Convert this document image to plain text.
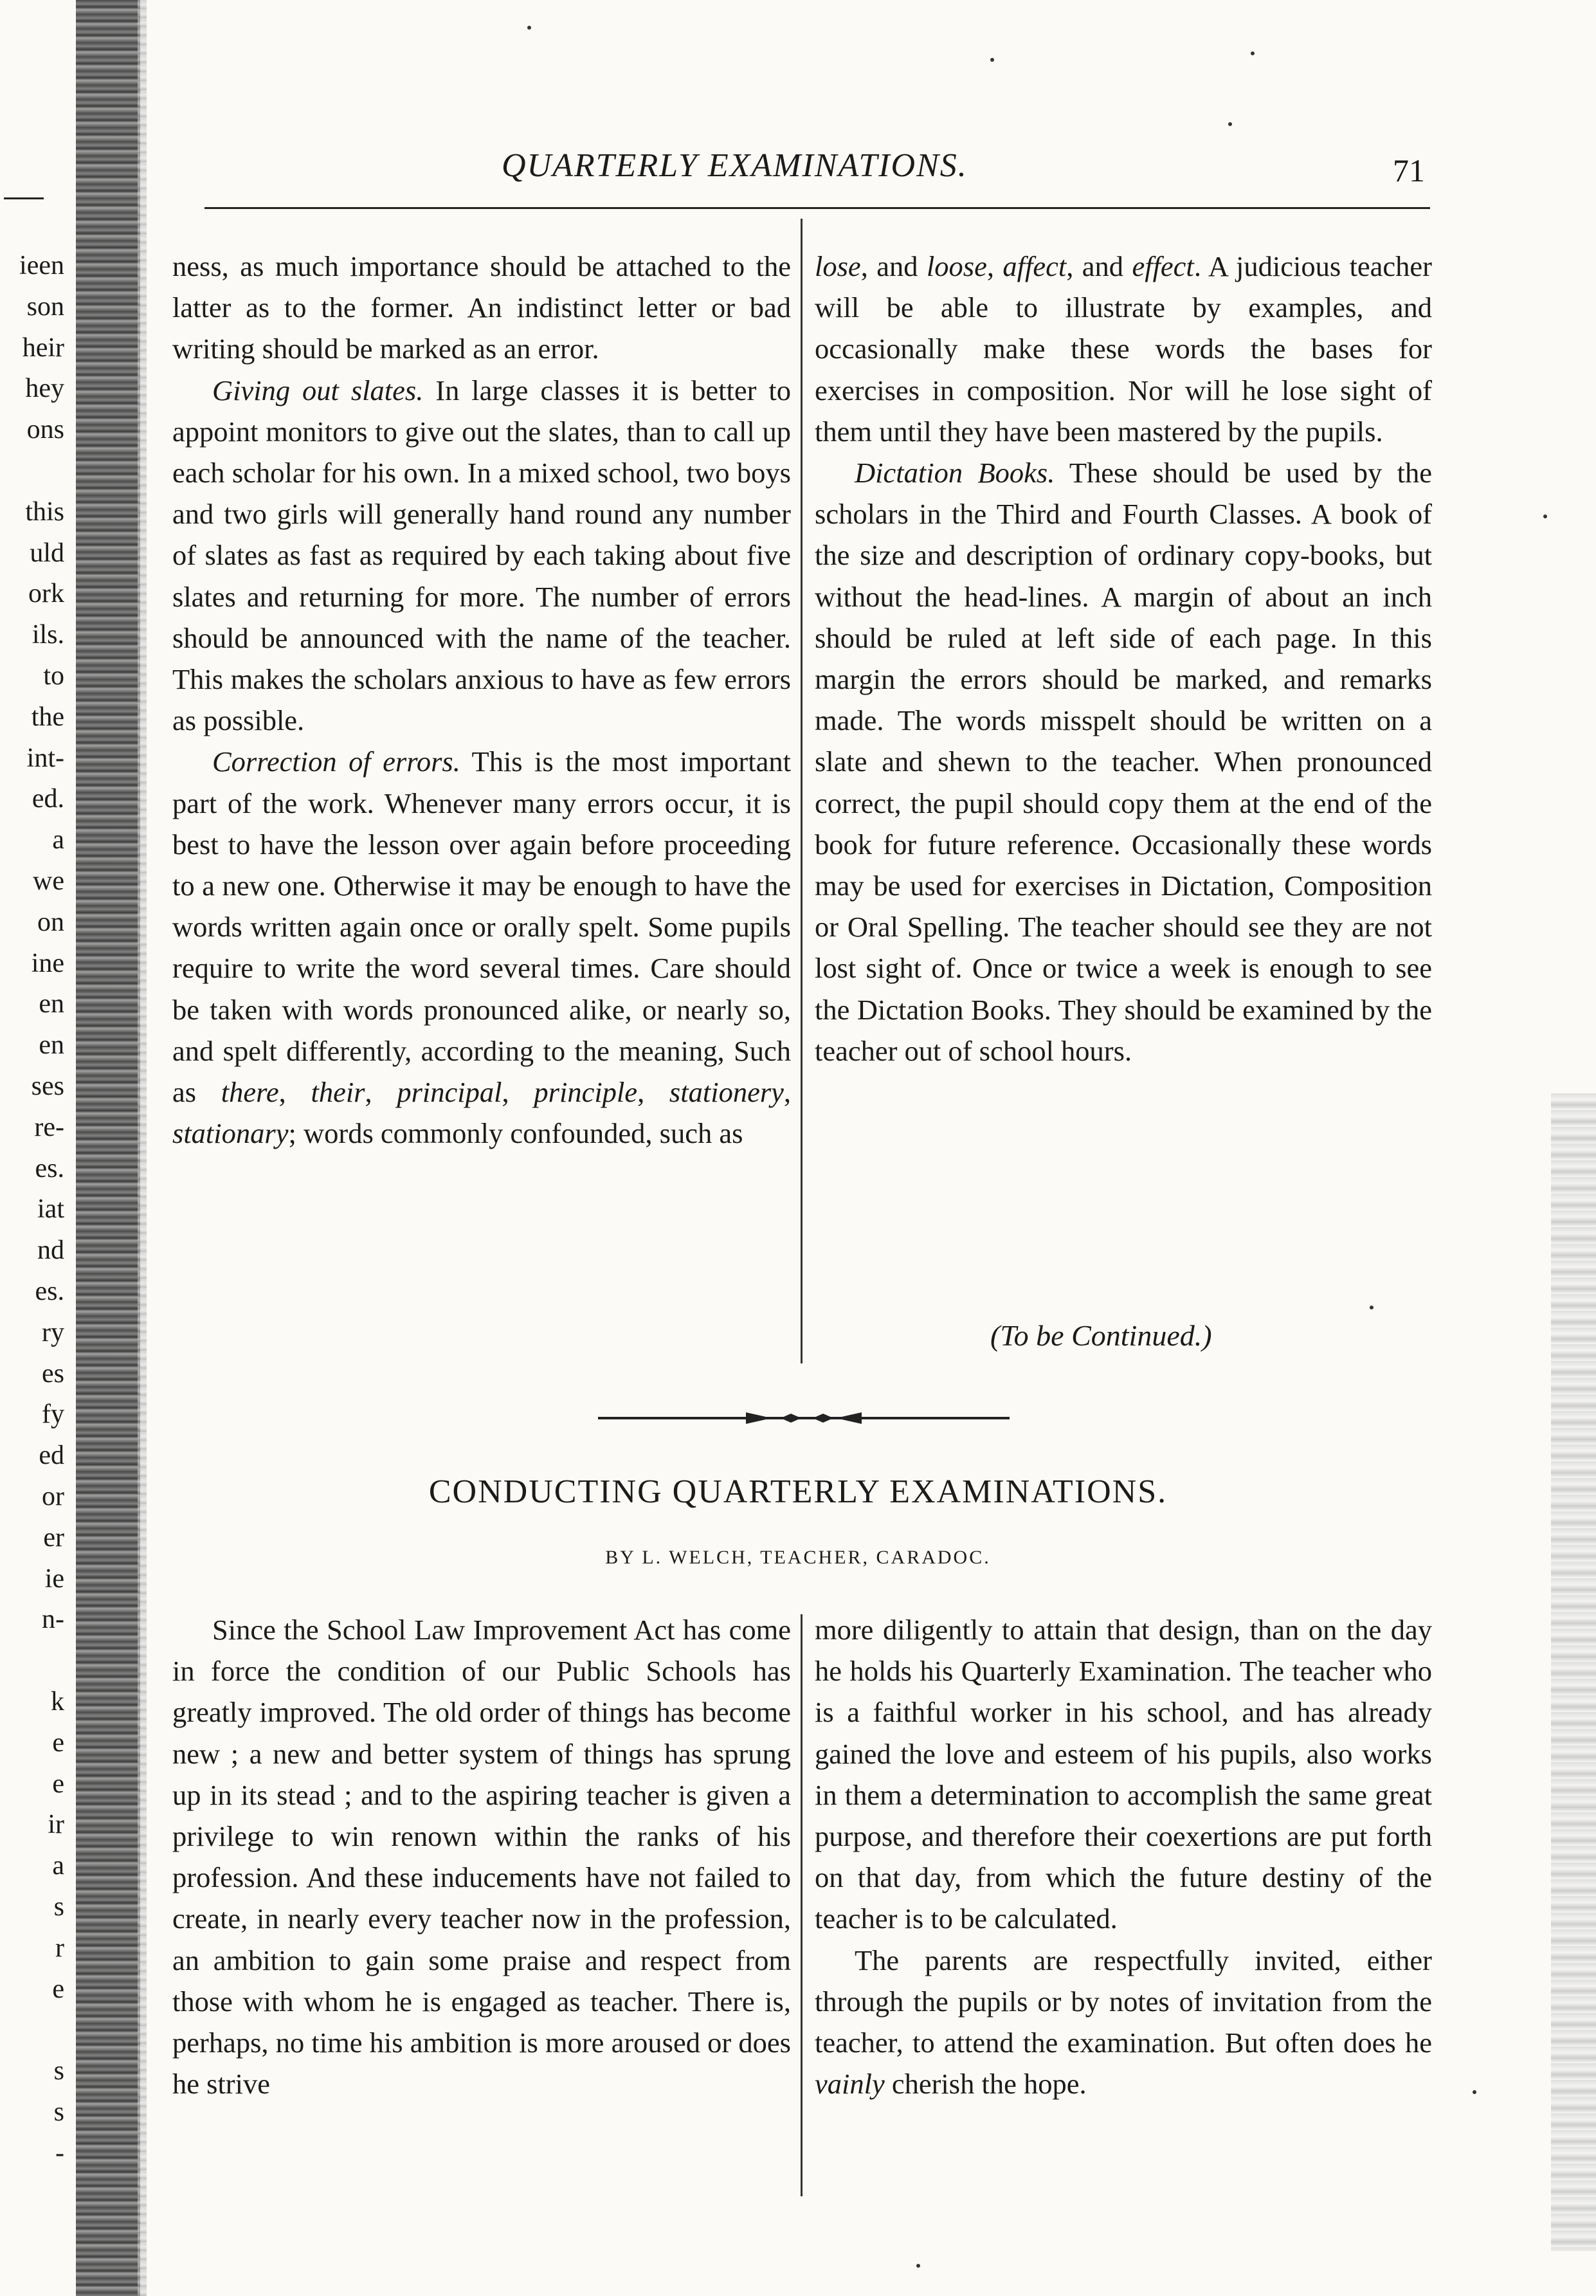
ieen
son
heir
hey
ons
this
uld
ork
ils.
to
the
int-
ed.
a
we
on
ine
en
en
ses
re-
es.
iat
nd
es.
ry
es
fy
ed
or
er
ie
n-
k
e
e
ir
a
s
r
e
s
s
-
QUARTERLY EXAMINATIONS.	71

ness, as much importance should be attached to the latter as to the former. An indistinct letter or bad writing should be marked as an error.

Giving out slates. In large classes it is better to appoint monitors to give out the slates, than to call up each scholar for his own. In a mixed school, two boys and two girls will generally hand round any number of slates as fast as required by each taking about five slates and returning for more. The number of errors should be announced with the name of the teacher. This makes the scholars anxious to have as few errors as possible.

Correction of errors. This is the most important part of the work. Whenever many errors occur, it is best to have the lesson over again before proceeding to a new one. Otherwise it may be enough to have the words written again once or orally spelt. Some pupils require to write the word several times. Care should be taken with words pronounced alike, or nearly so, and spelt differently, according to the meaning, Such as there, their, principal, principle, stationery, stationary; words commonly confounded, such as

lose, and loose, affect, and effect. A judicious teacher will be able to illustrate by examples, and occasionally make these words the bases for exercises in composition. Nor will he lose sight of them until they have been mastered by the pupils.

Dictation Books. These should be used by the scholars in the Third and Fourth Classes. A book of the size and description of ordinary copy-books, but without the head-lines. A margin of about an inch should be ruled at left side of each page. In this margin the errors should be marked, and remarks made. The words misspelt should be written on a slate and shewn to the teacher. When pronounced correct, the pupil should copy them at the end of the book for future reference. Occasionally these words may be used for exercises in Dictation, Composition or Oral Spelling. The teacher should see they are not lost sight of. Once or twice a week is enough to see the Dictation Books. They should be examined by the teacher out of school hours.

(To be Continued.)
CONDUCTING QUARTERLY EXAMINATIONS.
BY L. WELCH, TEACHER, CARADOC.

Since the School Law Improvement Act has come in force the condition of our Public Schools has greatly improved. The old order of things has become new ; a new and better system of things has sprung up in its stead ; and to the aspiring teacher is given a privilege to win renown within the ranks of his profession. And these inducements have not failed to create, in nearly every teacher now in the profession, an ambition to gain some praise and respect from those with whom he is engaged as teacher. There is, perhaps, no time his ambition is more aroused or does he strive

more diligently to attain that design, than on the day he holds his Quarterly Examination. The teacher who is a faithful worker in his school, and has already gained the love and esteem of his pupils, also works in them a determination to accomplish the same great purpose, and therefore their coexertions are put forth on that day, from which the future destiny of the teacher is to be calculated.

The parents are respectfully invited, either through the pupils or by notes of invitation from the teacher, to attend the examination. But often does he vainly cherish the hope.
